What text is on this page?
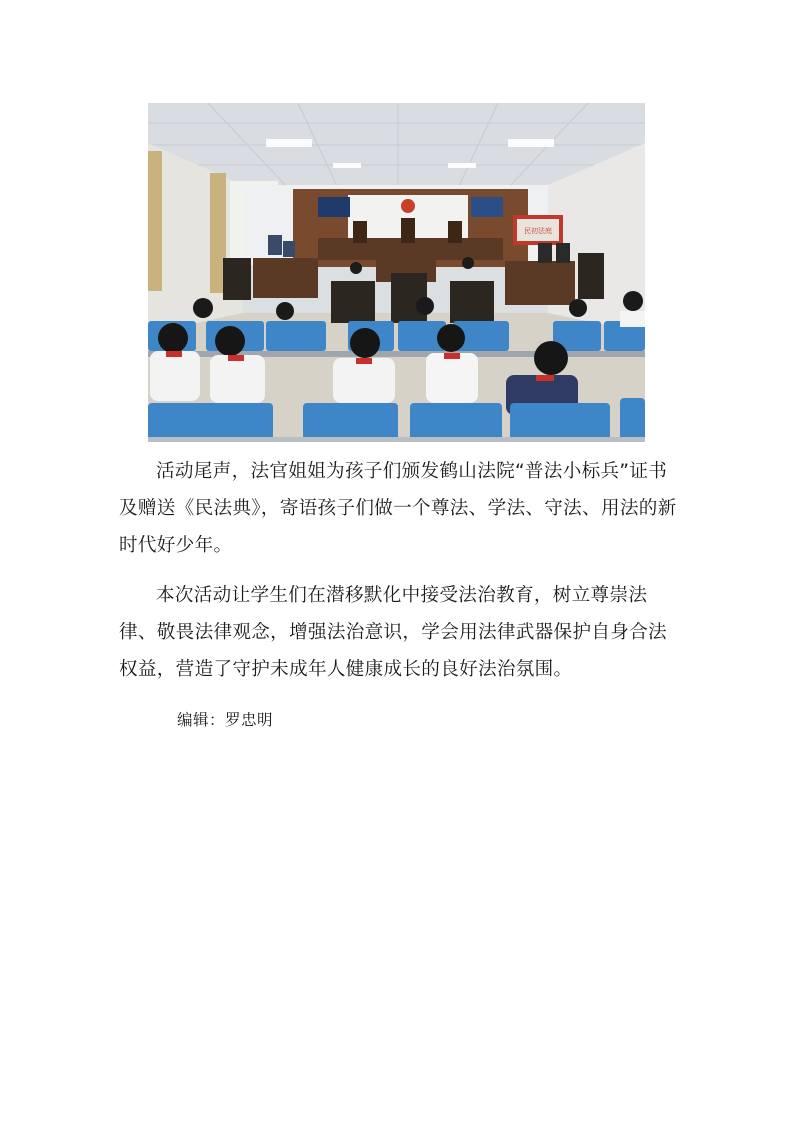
民初法庭

活动尾声，法官姐姐为孩子们颁发鹤山法院“普法小标兵”证书及赠送《民法典》，寄语孩子们做一个尊法、学法、守法、用法的新时代好少年。

本次活动让学生们在潜移默化中接受法治教育，树立尊崇法律、敬畏法律观念，增强法治意识，学会用法律武器保护自身合法权益，营造了守护未成年人健康成长的良好法治氛围。

编辑：罗忠明
